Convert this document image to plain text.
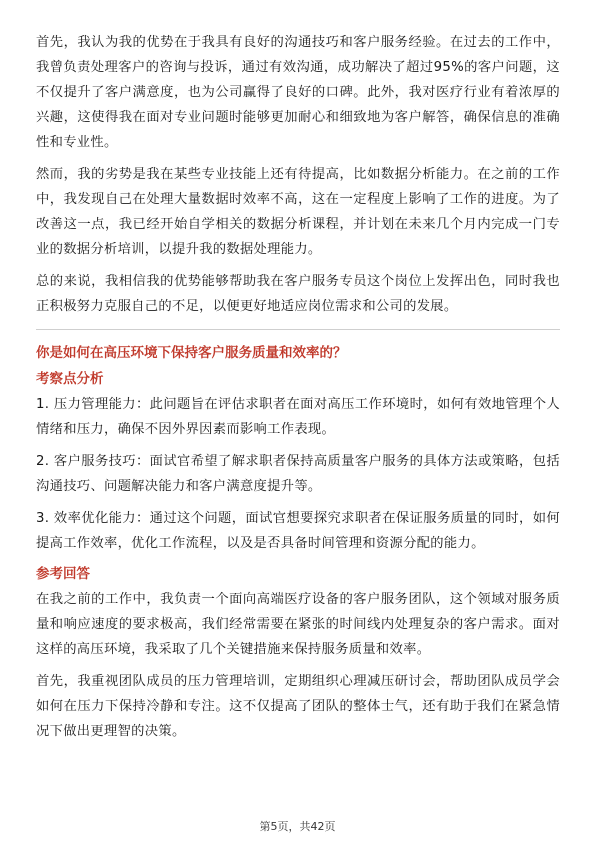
首先，我认为我的优势在于我具有良好的沟通技巧和客户服务经验。在过去的工作中，我曾负责处理客户的咨询与投诉，通过有效沟通，成功解决了超过95%的客户问题，这不仅提升了客户满意度，也为公司赢得了良好的口碑。此外，我对医疗行业有着浓厚的兴趣，这使得我在面对专业问题时能够更加耐心和细致地为客户解答，确保信息的准确性和专业性。

然而，我的劣势是我在某些专业技能上还有待提高，比如数据分析能力。在之前的工作中，我发现自己在处理大量数据时效率不高，这在一定程度上影响了工作的进度。为了改善这一点，我已经开始自学相关的数据分析课程，并计划在未来几个月内完成一门专业的数据分析培训，以提升我的数据处理能力。

总的来说，我相信我的优势能够帮助我在客户服务专员这个岗位上发挥出色，同时我也正积极努力克服自己的不足，以便更好地适应岗位需求和公司的发展。

你是如何在高压环境下保持客户服务质量和效率的？
考察点分析

1. 压力管理能力：此问题旨在评估求职者在面对高压工作环境时，如何有效地管理个人情绪和压力，确保不因外界因素而影响工作表现。

2. 客户服务技巧：面试官希望了解求职者保持高质量客户服务的具体方法或策略，包括沟通技巧、问题解决能力和客户满意度提升等。

3. 效率优化能力：通过这个问题，面试官想要探究求职者在保证服务质量的同时，如何提高工作效率，优化工作流程，以及是否具备时间管理和资源分配的能力。

参考回答

在我之前的工作中，我负责一个面向高端医疗设备的客户服务团队，这个领域对服务质量和响应速度的要求极高，我们经常需要在紧张的时间线内处理复杂的客户需求。面对这样的高压环境，我采取了几个关键措施来保持服务质量和效率。

首先，我重视团队成员的压力管理培训，定期组织心理减压研讨会，帮助团队成员学会如何在压力下保持冷静和专注。这不仅提高了团队的整体士气，还有助于我们在紧急情况下做出更理智的决策。

第5页，共42页
